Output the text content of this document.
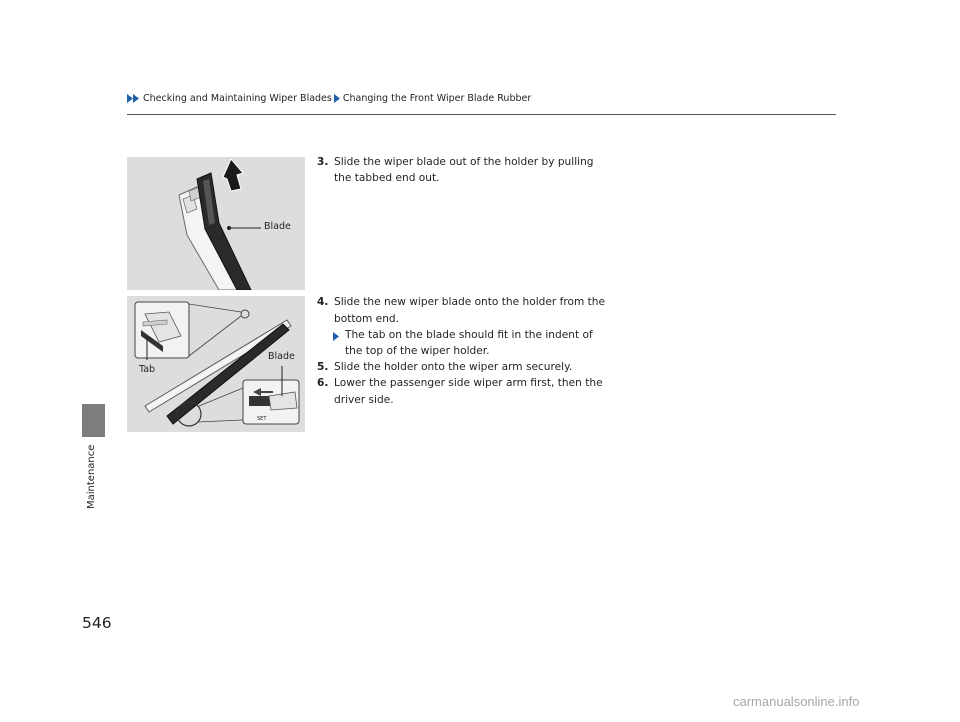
Checking and Maintaining Wiper Blades Changing the Front Wiper Blade Rubber
Maintenance
Blade
SET
Blade
Tab
3. Slide the wiper blade out of the holder by pulling the tabbed end out.
4. Slide the new wiper blade onto the holder from the bottom end.
The tab on the blade should fit in the indent of the top of the wiper holder.
5. Slide the holder onto the wiper arm securely.
6. Lower the passenger side wiper arm first, then the driver side.
546
carmanualsonline.info
